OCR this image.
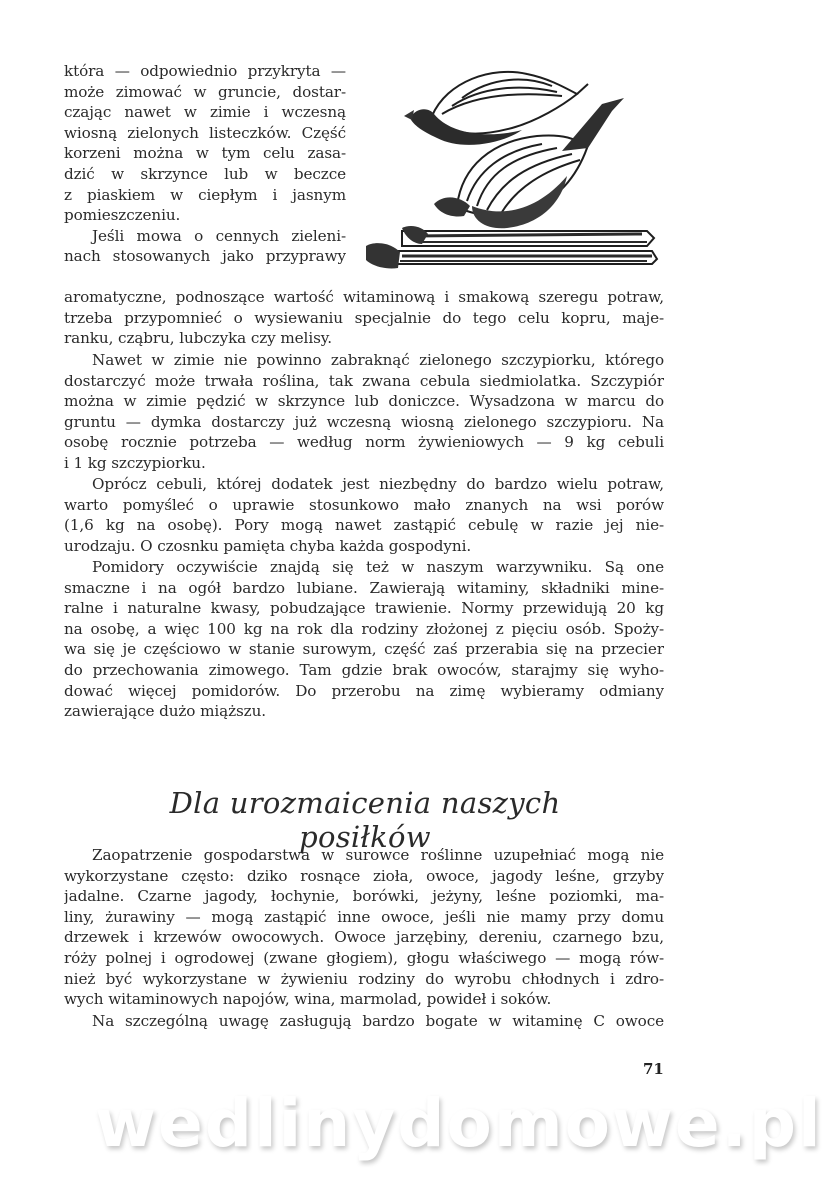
która — odpowiednio przykryta —
może zimować w gruncie, dostar-
czając nawet w zimie i wczesną
wiosną zielonych listeczków. Część
korzeni można w tym celu zasa-
dzić w skrzynce lub w beczce
z piaskiem w ciepłym i jasnym
pomieszczeniu.
Jeśli mowa o cennych zieleni-
nach stosowanych jako przyprawy
aromatyczne, podnoszące wartość witaminową i smakową szeregu potraw,
trzeba przypomnieć o wysiewaniu specjalnie do tego celu kopru, maje-
ranku, cząbru, lubczyka czy melisy.
Nawet w zimie nie powinno zabraknąć zielonego szczypiorku, którego
dostarczyć może trwała roślina, tak zwana cebula siedmiolatka. Szczypiór
można w zimie pędzić w skrzynce lub doniczce. Wysadzona w marcu do
gruntu — dymka dostarczy już wczesną wiosną zielonego szczypioru. Na
osobę rocznie potrzeba — według norm żywieniowych — 9 kg cebuli
i 1 kg szczypiorku.
Oprócz cebuli, której dodatek jest niezbędny do bardzo wielu potraw,
warto pomyśleć o uprawie stosunkowo mało znanych na wsi porów
(1,6 kg na osobę). Pory mogą nawet zastąpić cebulę w razie jej nie-
urodzaju. O czosnku pamięta chyba każda gospodyni.
Pomidory oczywiście znajdą się też w naszym warzywniku. Są one
smaczne i na ogół bardzo lubiane. Zawierają witaminy, składniki mine-
ralne i naturalne kwasy, pobudzające trawienie. Normy przewidują 20 kg
na osobę, a więc 100 kg na rok dla rodziny złożonej z pięciu osób. Spoży-
wa się je częściowo w stanie surowym, część zaś przerabia się na przecier
do przechowania zimowego. Tam gdzie brak owoców, starajmy się wyho-
dować więcej pomidorów. Do przerobu na zimę wybieramy odmiany
zawierające dużo miąższu.
Dla urozmaicenia naszych posiłków
Zaopatrzenie gospodarstwa w surowce roślinne uzupełniać mogą nie
wykorzystane często: dziko rosnące zioła, owoce, jagody leśne, grzyby
jadalne. Czarne jagody, łochynie, borówki, jeżyny, leśne poziomki, ma-
liny, żurawiny — mogą zastąpić inne owoce, jeśli nie mamy przy domu
drzewek i krzewów owocowych. Owoce jarzębiny, dereniu, czarnego bzu,
róży polnej i ogrodowej (zwane głogiem), głogu właściwego — mogą rów-
nież być wykorzystane w żywieniu rodziny do wyrobu chłodnych i zdro-
wych witaminowych napojów, wina, marmolad, powideł i soków.
Na szczególną uwagę zasługują bardzo bogate w witaminę C owoce
71
wedlinydomowe.pl
